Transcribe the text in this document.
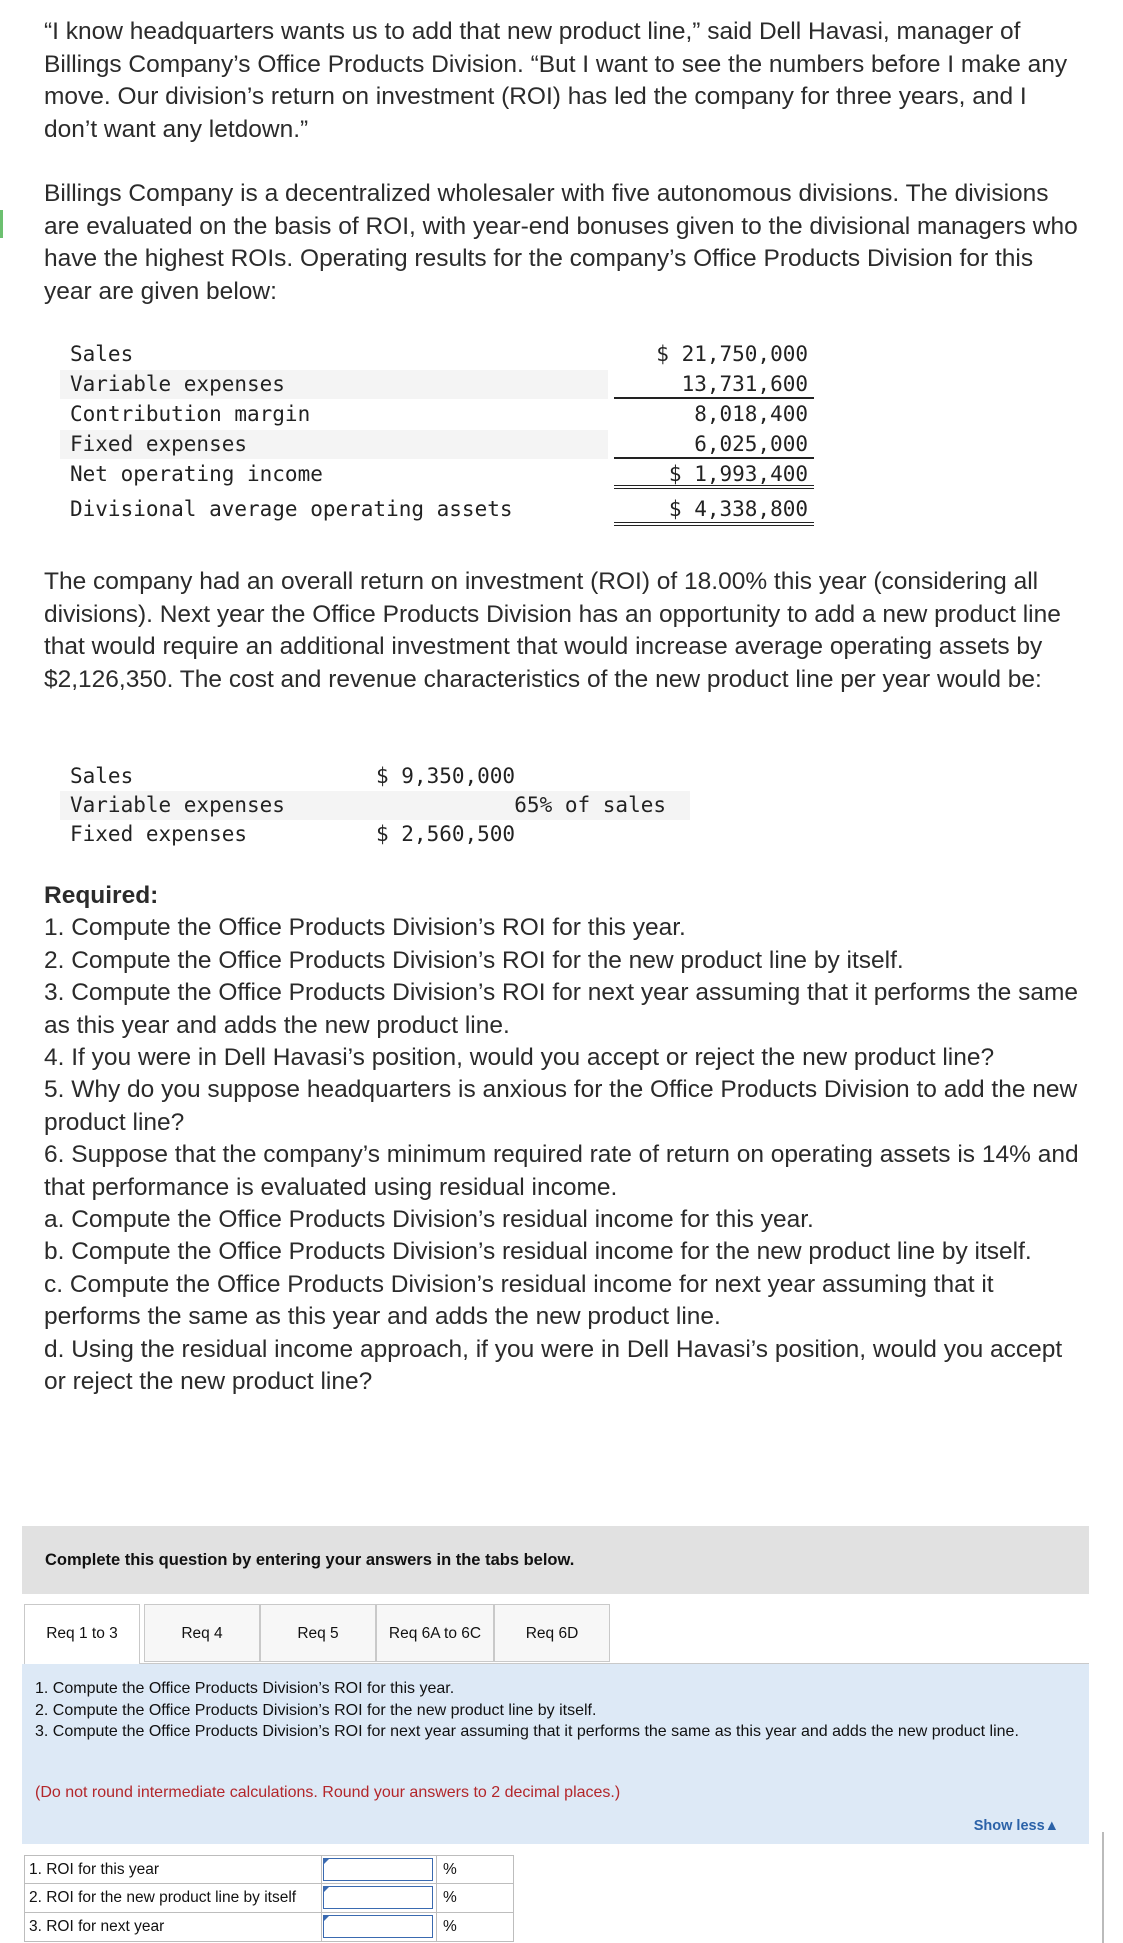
“I know headquarters wants us to add that new product line,” said Dell Havasi, manager of Billings Company’s Office Products Division. “But I want to see the numbers before I make any move. Our division’s return on investment (ROI) has led the company for three years, and I don’t want any letdown.”

Billings Company is a decentralized wholesaler with five autonomous divisions. The divisions are evaluated on the basis of ROI, with year-end bonuses given to the divisional managers who have the highest ROIs. Operating results for the company’s Office Products Division for this year are given below:

Sales	$ 21,750,000
Variable expenses	13,731,600
Contribution margin	8,018,400
Fixed expenses	6,025,000
Net operating income	$ 1,993,400
Divisional average operating assets	$ 4,338,800

The company had an overall return on investment (ROI) of 18.00% this year (considering all divisions). Next year the Office Products Division has an opportunity to add a new product line that would require an additional investment that would increase average operating assets by $2,126,350. The cost and revenue characteristics of the new product line per year would be:

Sales	$ 9,350,000
Variable expenses	65% of sales
Fixed expenses	$ 2,560,500

Required:

1. Compute the Office Products Division’s ROI for this year.

2. Compute the Office Products Division’s ROI for the new product line by itself.

3. Compute the Office Products Division’s ROI for next year assuming that it performs the same as this year and adds the new product line.

4. If you were in Dell Havasi’s position, would you accept or reject the new product line?

5. Why do you suppose headquarters is anxious for the Office Products Division to add the new product line?

6. Suppose that the company’s minimum required rate of return on operating assets is 14% and that performance is evaluated using residual income.

a. Compute the Office Products Division’s residual income for this year.

b. Compute the Office Products Division’s residual income for the new product line by itself.

c. Compute the Office Products Division’s residual income for next year assuming that it performs the same as this year and adds the new product line.

d. Using the residual income approach, if you were in Dell Havasi’s position, would you accept or reject the new product line?

Complete this question by entering your answers in the tabs below.
Req 1 to 3	Req 4	Req 5	Req 6A to 6C	Req 6D
1. Compute the Office Products Division’s ROI for this year.
2. Compute the Office Products Division’s ROI for the new product line by itself.
3. Compute the Office Products Division’s ROI for next year assuming that it performs the same as this year and adds the new product line.
(Do not round intermediate calculations. Round your answers to 2 decimal places.)
Show less▲
1. ROI for this year	%
2. ROI for the new product line by itself	%
3. ROI for next year	%
